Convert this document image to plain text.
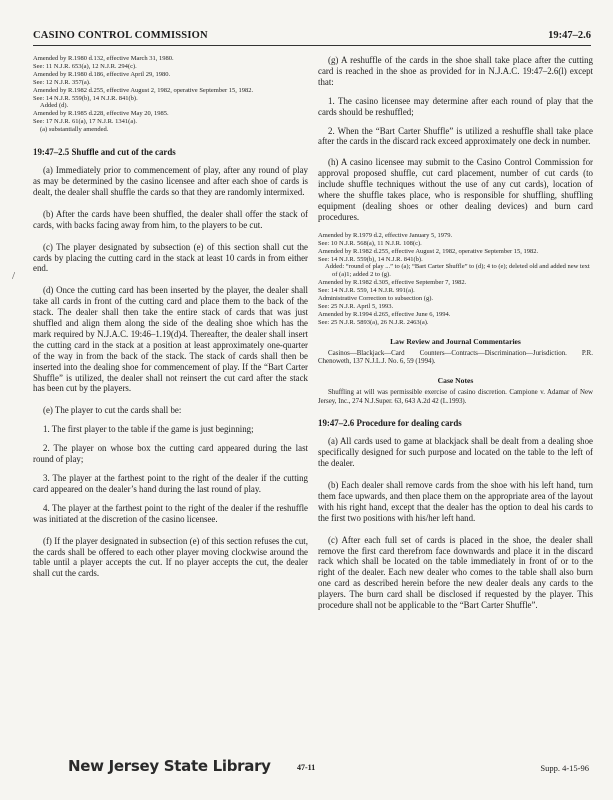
CASINO CONTROL COMMISSION	19:47–2.6
/
Amended by R.1980 d.132, effective March 31, 1980.
See: 11 N.J.R. 653(a), 12 N.J.R. 294(c).
Amended by R.1980 d.186, effective April 29, 1980.
See: 12 N.J.R. 357(a).
Amended by R.1982 d.255, effective August 2, 1982, operative September 15, 1982.
See: 14 N.J.R. 559(b), 14 N.J.R. 841(b).
Added (d).
Amended by R.1985 d.228, effective May 20, 1985.
See: 17 N.J.R. 61(a), 17 N.J.R. 1341(a).
(a) substantially amended.
19:47–2.5 Shuffle and cut of the cards

(a) Immediately prior to commencement of play, after any round of play as may be determined by the casino licensee and after each shoe of cards is dealt, the dealer shall shuffle the cards so that they are randomly intermixed.

(b) After the cards have been shuffled, the dealer shall offer the stack of cards, with backs facing away from him, to the players to be cut.

(c) The player designated by subsection (e) of this section shall cut the cards by placing the cutting card in the stack at least 10 cards in from either end.

(d) Once the cutting card has been inserted by the player, the dealer shall take all cards in front of the cutting card and place them to the back of the stack. The dealer shall then take the entire stack of cards that was just shuffled and align them along the side of the dealing shoe which has the mark required by N.J.A.C. 19:46–1.19(d)4. Thereafter, the dealer shall insert the cutting card in the stack at a position at least approximately one-quarter of the way in from the back of the stack. The stack of cards shall then be inserted into the dealing shoe for commencement of play. If the “Bart Carter Shuffle” is utilized, the dealer shall not reinsert the cut card after the stack has been cut by the players.

(e) The player to cut the cards shall be:

1. The first player to the table if the game is just beginning;

2. The player on whose box the cutting card appeared during the last round of play;

3. The player at the farthest point to the right of the dealer if the cutting card appeared on the dealer’s hand during the last round of play.

4. The player at the farthest point to the right of the dealer if the reshuffle was initiated at the discretion of the casino licensee.

(f) If the player designated in subsection (e) of this section refuses the cut, the cards shall be offered to each other player moving clockwise around the table until a player accepts the cut. If no player accepts the cut, the dealer shall cut the cards.

(g) A reshuffle of the cards in the shoe shall take place after the cutting card is reached in the shoe as provided for in N.J.A.C. 19:47–2.6(l) except that:

1. The casino licensee may determine after each round of play that the cards should be reshuffled;

2. When the “Bart Carter Shuffle” is utilized a reshuffle shall take place after the cards in the discard rack exceed approximately one deck in number.

(h) A casino licensee may submit to the Casino Control Commission for approval proposed shuffle, cut card placement, number of cut cards (to include shuffle techniques without the use of any cut cards), location of where the shuffle takes place, who is responsible for shuffling, shuffling equipment (dealing shoes or other dealing devices) and burn card procedures.

Amended by R.1979 d.2, effective January 5, 1979.
See: 10 N.J.R. 568(a), 11 N.J.R. 108(c).
Amended by R.1982 d.255, effective August 2, 1982, operative September 15, 1982.
See: 14 N.J.R. 559(b), 14 N.J.R. 841(b).
Added: “round of play ...” to (a); “Bart Carter Shuffle” to (d); 4 to (e); deleted old and added new text of (a)1; added 2 to (g).
Amended by R.1982 d.305, effective September 7, 1982.
See: 14 N.J.R. 559, 14 N.J.R. 991(a).
Administrative Correction to subsection (g).
See: 25 N.J.R. April 5, 1993.
Amended by R.1994 d.265, effective June 6, 1994.
See: 25 N.J.R. 5893(a), 26 N.J.R. 2463(a).
Law Review and Journal Commentaries

Casinos—Blackjack—Card Counters—Contracts—Discrimination—Jurisdiction. P.R. Chenoweth, 137 N.J.L.J. No. 6, 59 (1994).

Case Notes

Shuffling at will was permissible exercise of casino discretion. Campione v. Adamar of New Jersey, Inc., 274 N.J.Super. 63, 643 A.2d 42 (L.1993).

19:47–2.6 Procedure for dealing cards

(a) All cards used to game at blackjack shall be dealt from a dealing shoe specifically designed for such purpose and located on the table to the left of the dealer.

(b) Each dealer shall remove cards from the shoe with his left hand, turn them face upwards, and then place them on the appropriate area of the layout with his right hand, except that the dealer has the option to deal his cards to the first two positions with his/her left hand.

(c) After each full set of cards is placed in the shoe, the dealer shall remove the first card therefrom face downwards and place it in the discard rack which shall be located on the table immediately in front of or to the right of the dealer. Each new dealer who comes to the table shall also burn one card as described herein before the new dealer deals any cards to the players. The burn card shall be disclosed if requested by the player. This procedure shall not be applicable to the “Bart Carter Shuffle”.

New Jersey State Library	47-11	Supp. 4-15-96
